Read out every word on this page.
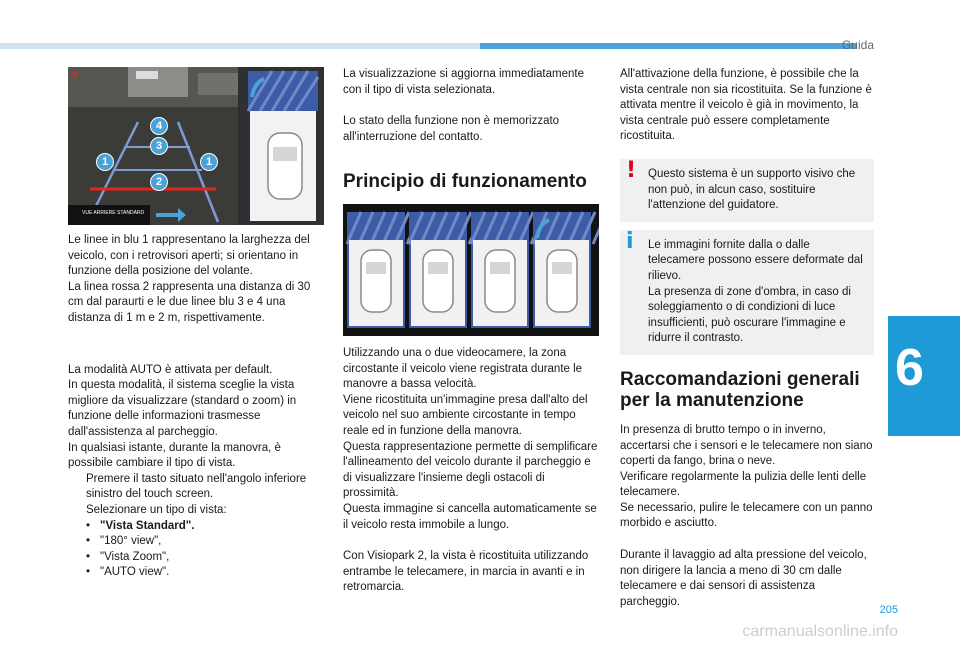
Guida
6
205
✕
VUE ARRIERE STANDARD
1	1
2
3
4

Le linee in blu 1 rappresentano la larghezza del veicolo, con i retrovisori aperti; si orientano in funzione della posizione del volante.
La linea rossa 2 rappresenta una distanza di 30 cm dal paraurti e le due linee blu 3 e 4 una distanza di 1 m e 2 m, rispettivamente.

La modalità AUTO è attivata per default.
In questa modalità, il sistema sceglie la vista migliore da visualizzare (standard o zoom) in funzione delle informazioni trasmesse dall'assistenza al parcheggio.
In qualsiasi istante, durante la manovra, è possibile cambiare il tipo di vista.

Premere il tasto situato nell'angolo inferiore sinistro del touch screen.
Selezionare un tipo di vista:
• "Vista Standard".
• "180° view",
• "Vista Zoom",
• "AUTO view".

La visualizzazione si aggiorna immediatamente con il tipo di vista selezionata.

Lo stato della funzione non è memorizzato all'interruzione del contatto.

Principio di funzionamento

Utilizzando una o due videocamere, la zona circostante il veicolo viene registrata durante le manovre a bassa velocità.
Viene ricostituita un'immagine presa dall'alto del veicolo nel suo ambiente circostante in tempo reale ed in funzione della manovra.
Questa rappresentazione permette di semplificare l'allineamento del veicolo durante il parcheggio e di visualizzare l'insieme degli ostacoli di prossimità.
Questa immagine si cancella automaticamente se il veicolo resta immobile a lungo.

Con Visiopark 2, la vista è ricostituita utilizzando entrambe le telecamere, in marcia in avanti e in retromarcia.

All'attivazione della funzione, è possibile che la vista centrale non sia ricostituita. Se la funzione è attivata mentre il veicolo è già in movimento, la vista centrale può essere completamente ricostituita.

! Questo sistema è un supporto visivo che non può, in alcun caso, sostituire l'attenzione del guidatore.

i Le immagini fornite dalla o dalle telecamere possono essere deformate dal rilievo.
La presenza di zone d'ombra, in caso di soleggiamento o di condizioni di luce insufficienti, può oscurare l'immagine e ridurre il contrasto.

Raccomandazioni generali
per la manutenzione

In presenza di brutto tempo o in inverno, accertarsi che i sensori e le telecamere non siano coperti da fango, brina o neve.
Verificare regolarmente la pulizia delle lenti delle telecamere.
Se necessario, pulire le telecamere con un panno morbido e asciutto.

Durante il lavaggio ad alta pressione del veicolo, non dirigere la lancia a meno di 30 cm dalle telecamere e dai sensori di assistenza parcheggio.

carmanualsonline.info
